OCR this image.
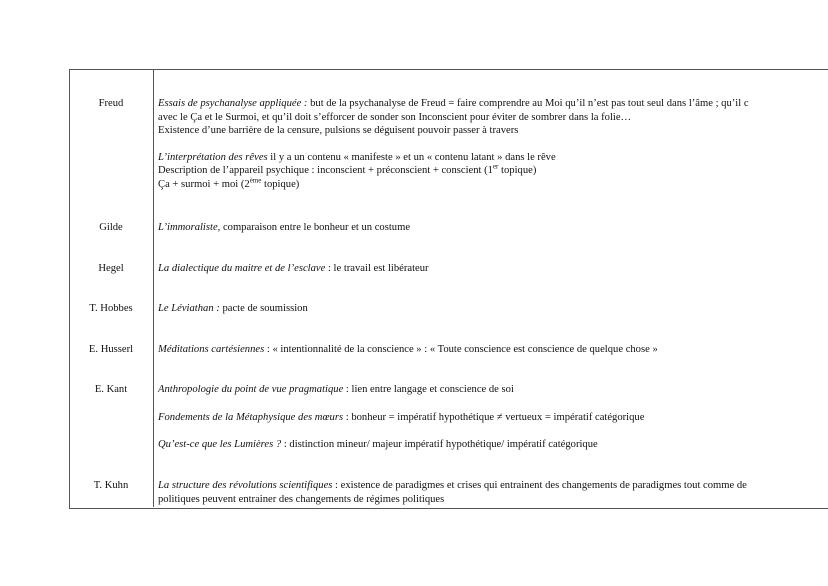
Freud	Essais de psychanalyse appliquée : but de la psychanalyse de Freud = faire comprendre au Moi qu’il n’est pas tout seul dans l’âme ; qu’il c
avec le Ça et le Surmoi, et qu’il doit s’efforcer de sonder son Inconscient pour éviter de sombrer dans la folie…
Existence d’une barrière de la censure, pulsions se déguisent pouvoir passer à travers
L’interprétation des rêves il y a un contenu « manifeste » et un « contenu latant » dans le rêve
Description de l’appareil psychique : inconscient + préconscient + conscient (1er topique)
Ça + surmoi + moi (2ème topique)
Gilde	L’immoraliste, comparaison entre le bonheur et un costume
Hegel	La dialectique du maitre et de l’esclave : le travail est libérateur
T. Hobbes	Le Léviathan : pacte de soumission
E. Husserl	Méditations cartésiennes : « intentionnalité de la conscience » : « Toute conscience est conscience de quelque chose »
E. Kant	Anthropologie du point de vue pragmatique : lien entre langage et conscience de soi
Fondements de la Métaphysique des mœurs : bonheur = impératif hypothétique ≠ vertueux = impératif catégorique
Qu’est-ce que les Lumières ? : distinction mineur/ majeur impératif hypothétique/ impératif catégorique
T. Kuhn	La structure des révolutions scientifiques : existence de paradigmes et crises qui entrainent des changements de paradigmes tout comme de
politiques peuvent entrainer des changements de régimes politiques
